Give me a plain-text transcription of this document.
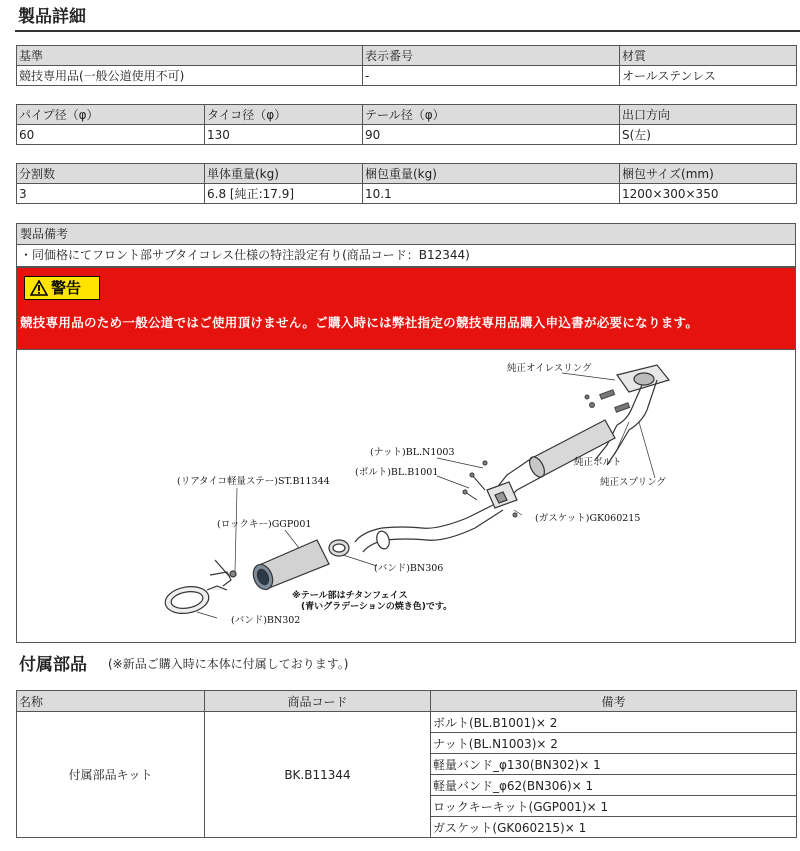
製品詳細
基準	表示番号	材質
競技専用品(一般公道使用不可)	-	オールステンレス
パイプ径（φ）	タイコ径（φ）	テール径（φ）	出口方向
60	130	90	S(左)
分割数	単体重量(kg)	梱包重量(kg)	梱包サイズ(mm)
3	6.8 [純正:17.9]	10.1	1200×300×350
製品備考
・同価格にてフロント部サブタイコレス仕様の特注設定有り(商品コード：B12344)
警告
競技専用品のため一般公道ではご使用頂けません。ご購入時には弊社指定の競技専用品購入申込書が必要になります。
純正オイレスリング
純正ボルト
純正スプリング
(ナット)BL.N1003
(ボルト)BL.B1001
(ガスケット)GK060215
(リアタイコ軽量ステー)ST.B11344
(ロックキー)GGP001
(バンド)BN306
(バンド)BN302
※テール部はチタンフェイス
(青いグラデーションの焼き色)です。
付属部品 (※新品ご購入時に本体に付属しております。)
名称	商品コード	備考
付属部品キット	BK.B11344	ボルト(BL.B1001)× 2
		ナット(BL.N1003)× 2
		軽量バンド_φ130(BN302)× 1
		軽量バンド_φ62(BN306)× 1
		ロックキーキット(GGP001)× 1
		ガスケット(GK060215)× 1
